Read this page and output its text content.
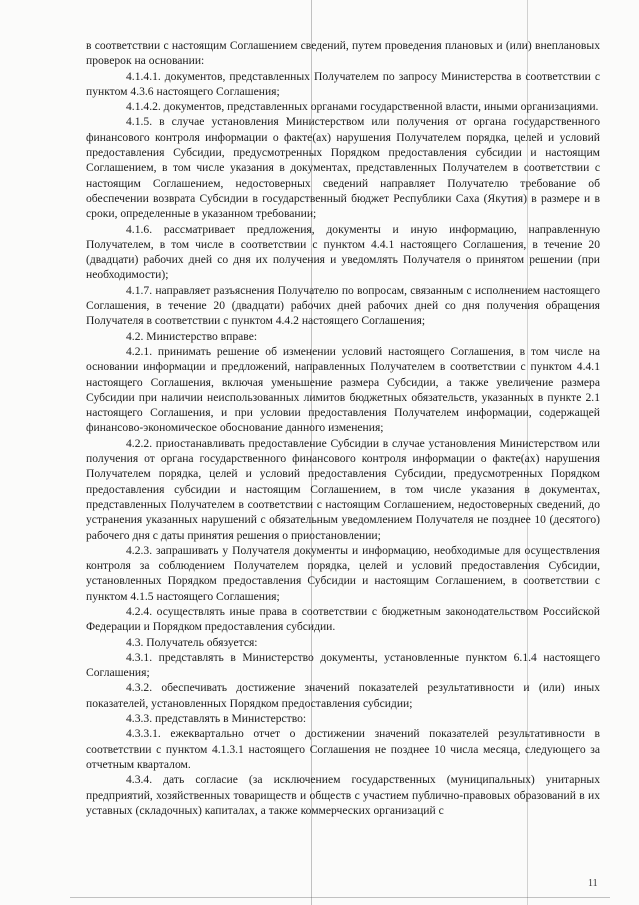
в соответствии с настоящим Соглашением сведений, путем проведения плановых и (или) внеплановых проверок на основании:

4.1.4.1. документов, представленных Получателем по запросу Министерства в соответствии с пунктом 4.3.6 настоящего Соглашения;

4.1.4.2. документов, представленных органами государственной власти, иными организациями.

4.1.5. в случае установления Министерством или получения от органа государственного финансового контроля информации о факте(ах) нарушения Получателем порядка, целей и условий предоставления Субсидии, предусмотренных Порядком предоставления субсидии и настоящим Соглашением, в том числе указания в документах, представленных Получателем в соответствии с настоящим Соглашением, недостоверных сведений направляет Получателю требование об обеспечении возврата Субсидии в государственный бюджет Республики Саха (Якутия) в размере и в сроки, определенные в указанном требовании;

4.1.6. рассматривает предложения, документы и иную информацию, направленную Получателем, в том числе в соответствии с пунктом 4.4.1 настоящего Соглашения, в течение 20 (двадцати) рабочих дней со дня их получения и уведомлять Получателя о принятом решении (при необходимости);

4.1.7. направляет разъяснения Получателю по вопросам, связанным с исполнением настоящего Соглашения, в течение 20 (двадцати) рабочих дней рабочих дней со дня получения обращения Получателя в соответствии с пунктом 4.4.2 настоящего Соглашения;

4.2. Министерство вправе:

4.2.1. принимать решение об изменении условий настоящего Соглашения, в том числе на основании информации и предложений, направленных Получателем в соответствии с пунктом 4.4.1 настоящего Соглашения, включая уменьшение размера Субсидии, а также увеличение размера Субсидии при наличии неиспользованных лимитов бюджетных обязательств, указанных в пункте 2.1 настоящего Соглашения, и при условии предоставления Получателем информации, содержащей финансово-экономическое обоснование данного изменения;

4.2.2. приостанавливать предоставление Субсидии в случае установления Министерством или получения от органа государственного финансового контроля информации о факте(ах) нарушения Получателем порядка, целей и условий предоставления Субсидии, предусмотренных Порядком предоставления субсидии и настоящим Соглашением, в том числе указания в документах, представленных Получателем в соответствии с настоящим Соглашением, недостоверных сведений, до устранения указанных нарушений с обязательным уведомлением Получателя не позднее 10 (десятого) рабочего дня с даты принятия решения о приостановлении;

4.2.3. запрашивать у Получателя документы и информацию, необходимые для осуществления контроля за соблюдением Получателем порядка, целей и условий предоставления Субсидии, установленных Порядком предоставления Субсидии и настоящим Соглашением, в соответствии с пунктом 4.1.5 настоящего Соглашения;

4.2.4. осуществлять иные права в соответствии с бюджетным законодательством Российской Федерации и Порядком предоставления субсидии.

4.3. Получатель обязуется:

4.3.1. представлять в Министерство документы, установленные пунктом 6.1.4 настоящего Соглашения;

4.3.2. обеспечивать достижение значений показателей результативности и (или) иных показателей, установленных Порядком предоставления субсидии;

4.3.3. представлять в Министерство:

4.3.3.1. ежеквартально отчет о достижении значений показателей результативности в соответствии с пунктом 4.1.3.1 настоящего Соглашения не позднее 10 числа месяца, следующего за отчетным кварталом.

4.3.4. дать согласие (за исключением государственных (муниципальных) унитарных предприятий, хозяйственных товариществ и обществ с участием публично-правовых образований в их уставных (складочных) капиталах, а также коммерческих организаций с

11
